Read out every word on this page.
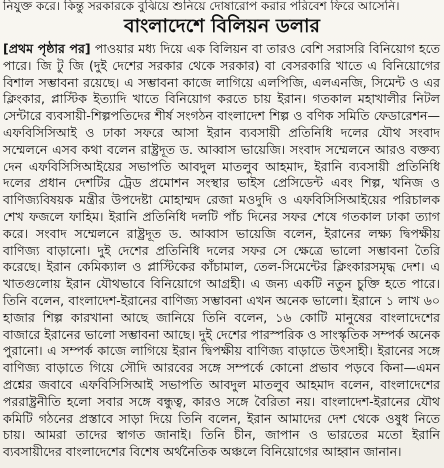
নিযুক্ত করে। কিন্তু সরকারকে বুঝিয়ে শুনিয়ে দোষারোপ করার পরিবেশ ফিরে আসেনি।
বাংলাদেশে বিলিয়ন ডলার
[প্রথম পৃষ্ঠার পর] পাওয়ার মধ্য দিয়ে এক বিলিয়ন বা তারও বেশি সরাসরি বিনিয়োগ হতে পারে। জি টু জি (দুই দেশের সরকার থেকে সরকার) বা বেসরকারি খাতে এ বিনিয়োগের বিশাল সম্ভাবনা রয়েছে। এ সম্ভাবনা কাজে লাগিয়ে এলপিজি, এলএনজি, সিমেন্ট ও এর ক্লিংকার, প্লাস্টিক ইত্যাদি খাতে বিনিয়োগ করতে চায় ইরান। গতকাল মহাখালীর নিটল সেন্টারে ব্যবসায়ী-শিল্পপতিদের শীর্ষ সংগঠন বাংলাদেশ শিল্প ও বণিক সমিতি ফেডারেশন—এফবিসিসিআই ও ঢাকা সফরে আসা ইরান ব্যবসায়ী প্রতিনিধি দলের যৌথ সংবাদ সম্মেলনে এসব কথা বলেন রাষ্ট্রদূত ড. আব্বাস ভায়েজি। সংবাদ সম্মেলনে আরও বক্তব্য দেন এফবিসিসিআইয়ের সভাপতি আবদুল মাতলুব আহমাদ, ইরানি ব্যবসায়ী প্রতিনিধি দলের প্রধান দেশটির ট্রেড প্রমোশন সংস্থার ভাইস প্রেসিডেন্ট এবং শিল্প, খনিজ ও বাণিজ্যবিষয়ক মন্ত্রীর উপদেষ্টা মোহাম্মদ রেজা মওদুদি ও এফবিসিসিআইয়ের পরিচালক শেখ ফজলে ফাহিম। ইরানি প্রতিনিধি দলটি পাঁচ দিনের সফর শেষে গতকাল ঢাকা ত্যাগ করে। সংবাদ সম্মেলনে রাষ্ট্রদূত ড. আব্বাস ভায়েজি বলেন, ইরানের লক্ষ্য দ্বিপক্ষীয় বাণিজ্য বাড়ানো। দুই দেশের প্রতিনিধি দলের সফর সে ক্ষেত্রে ভালো সম্ভাবনা তৈরি করেছে। ইরান কেমিক্যাল ও প্লাস্টিকের কাঁচামাল, তেল-সিমেন্টের ক্লিংকারসমৃদ্ধ দেশ। এ খাতগুলোয় ইরান যৌথভাবে বিনিয়োগে আগ্রহী। এ জন্য একটি নতুন চুক্তি হতে পারে। তিনি বলেন, বাংলাদেশ-ইরানের বাণিজ্য সম্ভাবনা এখন অনেক ভালো। ইরানে ১ লাখ ৬০ হাজার শিল্প কারখানা আছে জানিয়ে তিনি বলেন, ১৬ কোটি মানুষের বাংলাদেশের বাজারে ইরানের ভালো সম্ভাবনা আছে। দুই দেশের পারস্পরিক ও সাংস্কৃতিক সম্পর্ক অনেক পুরানো। এ সম্পর্ক কাজে লাগিয়ে ইরান দ্বিপক্ষীয় বাণিজ্য বাড়াতে উৎসাহী। ইরানের সঙ্গে বাণিজ্য বাড়াতে গিয়ে সৌদি আরবের সঙ্গে সম্পর্কে কোনো প্রভাব পড়বে কিনা—এমন প্রশ্নের জবাবে এফবিসিসিআই সভাপতি আবদুল মাতলুব আহমাদ বলেন, বাংলাদেশের পররাষ্ট্রনীতি হলো সবার সঙ্গে বন্ধুত্ব, কারও সঙ্গে বৈরিতা নয়। বাংলাদেশ-ইরানের যৌথ কমিটি গঠনের প্রস্তাবে সাড়া দিয়ে তিনি বলেন, ইরান আমাদের দেশ থেকে ওষুধ নিতে চায়। আমরা তাদের স্বাগত জানাই। তিনি চীন, জাপান ও ভারতের মতো ইরানি ব্যবসায়ীদের বাংলাদেশের বিশেষ অর্থনৈতিক অঞ্চলে বিনিয়োগের আহ্বান জানান।
